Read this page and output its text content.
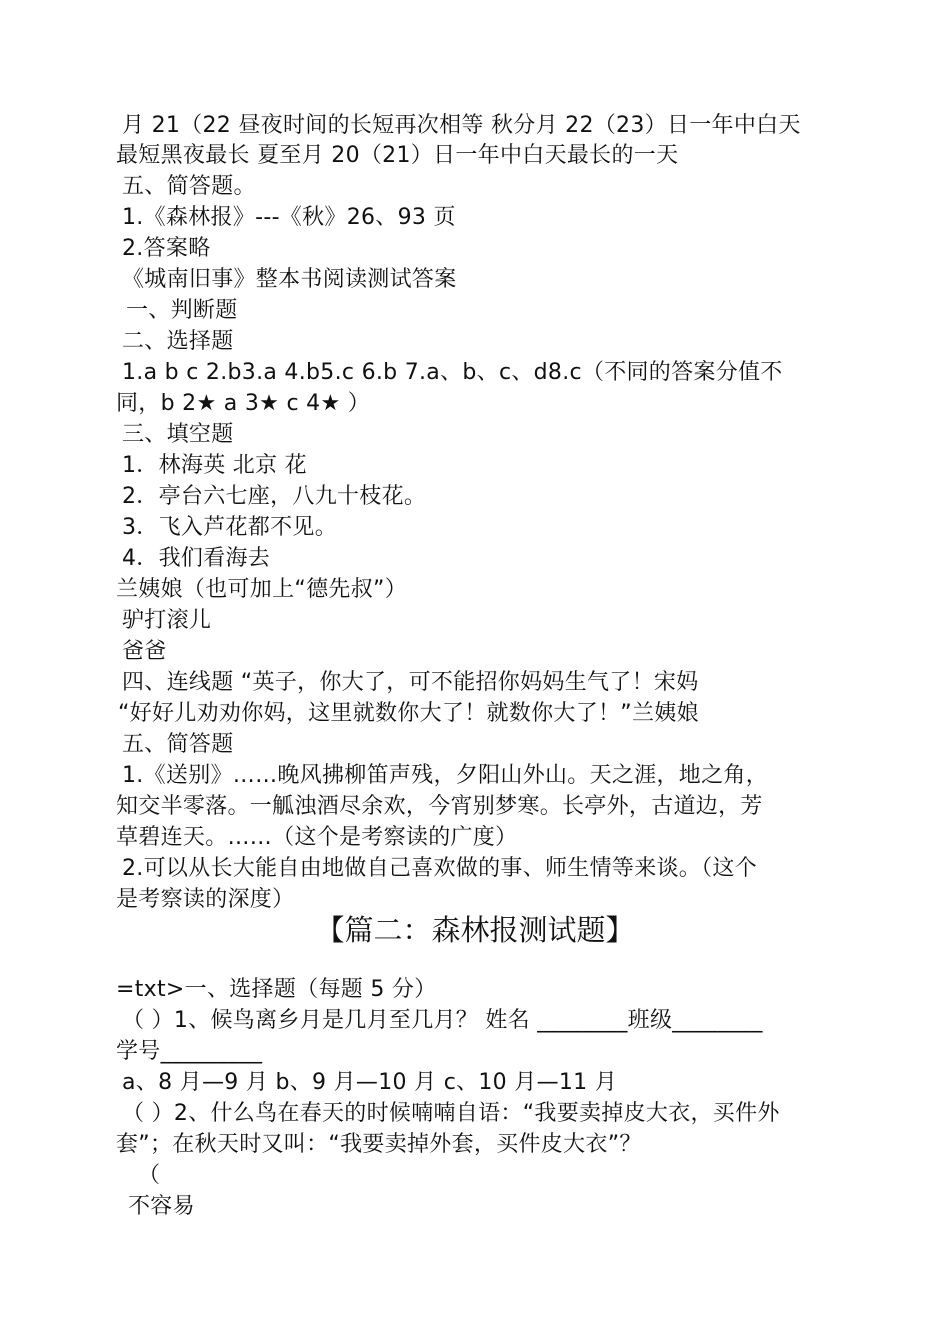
月 21（22 昼夜时间的长短再次相等 秋分月 22（23）日一年中白天
最短黑夜最长 夏至月 20（21）日一年中白天最长的一天
五、简答题。
1.《森林报》---《秋》26、93 页
2.答案略
《城南旧事》整本书阅读测试答案
一、判断题
二、选择题
1.a b c 2.b3.a 4.b5.c 6.b 7.a、b、c、d8.c（不同的答案分值不
同，b 2★ a 3★ c 4★ ）
三、填空题
1．林海英 北京 花
2．亭台六七座，八九十枝花。
3．飞入芦花都不见。
4．我们看海去
兰姨娘（也可加上“德先叔”）
驴打滚儿
爸爸
四、连线题 “英子，你大了，可不能招你妈妈生气了！宋妈
“好好儿劝劝你妈，这里就数你大了！就数你大了！”兰姨娘
五、简答题
1.《送别》……晚风拂柳笛声残，夕阳山外山。天之涯，地之角，
知交半零落。一觚浊酒尽余欢，今宵别梦寒。长亭外，古道边，芳
草碧连天。……（这个是考察读的广度）
2.可以从长大能自由地做自己喜欢做的事、师生情等来谈。（这个
是考察读的深度）
【篇二：森林报测试题】
=txt>一、选择题（每题 5 分）
（ ）1、候鸟离乡月是几月至几月？ 姓名 ________班级________
学号_________
a、8 月—9 月 b、9 月—10 月 c、10 月—11 月
（ ）2、什么鸟在春天的时候喃喃自语：“我要卖掉皮大衣，买件外
套”；在秋天时又叫：“我要卖掉外套，买件皮大衣”？
（
不容易
